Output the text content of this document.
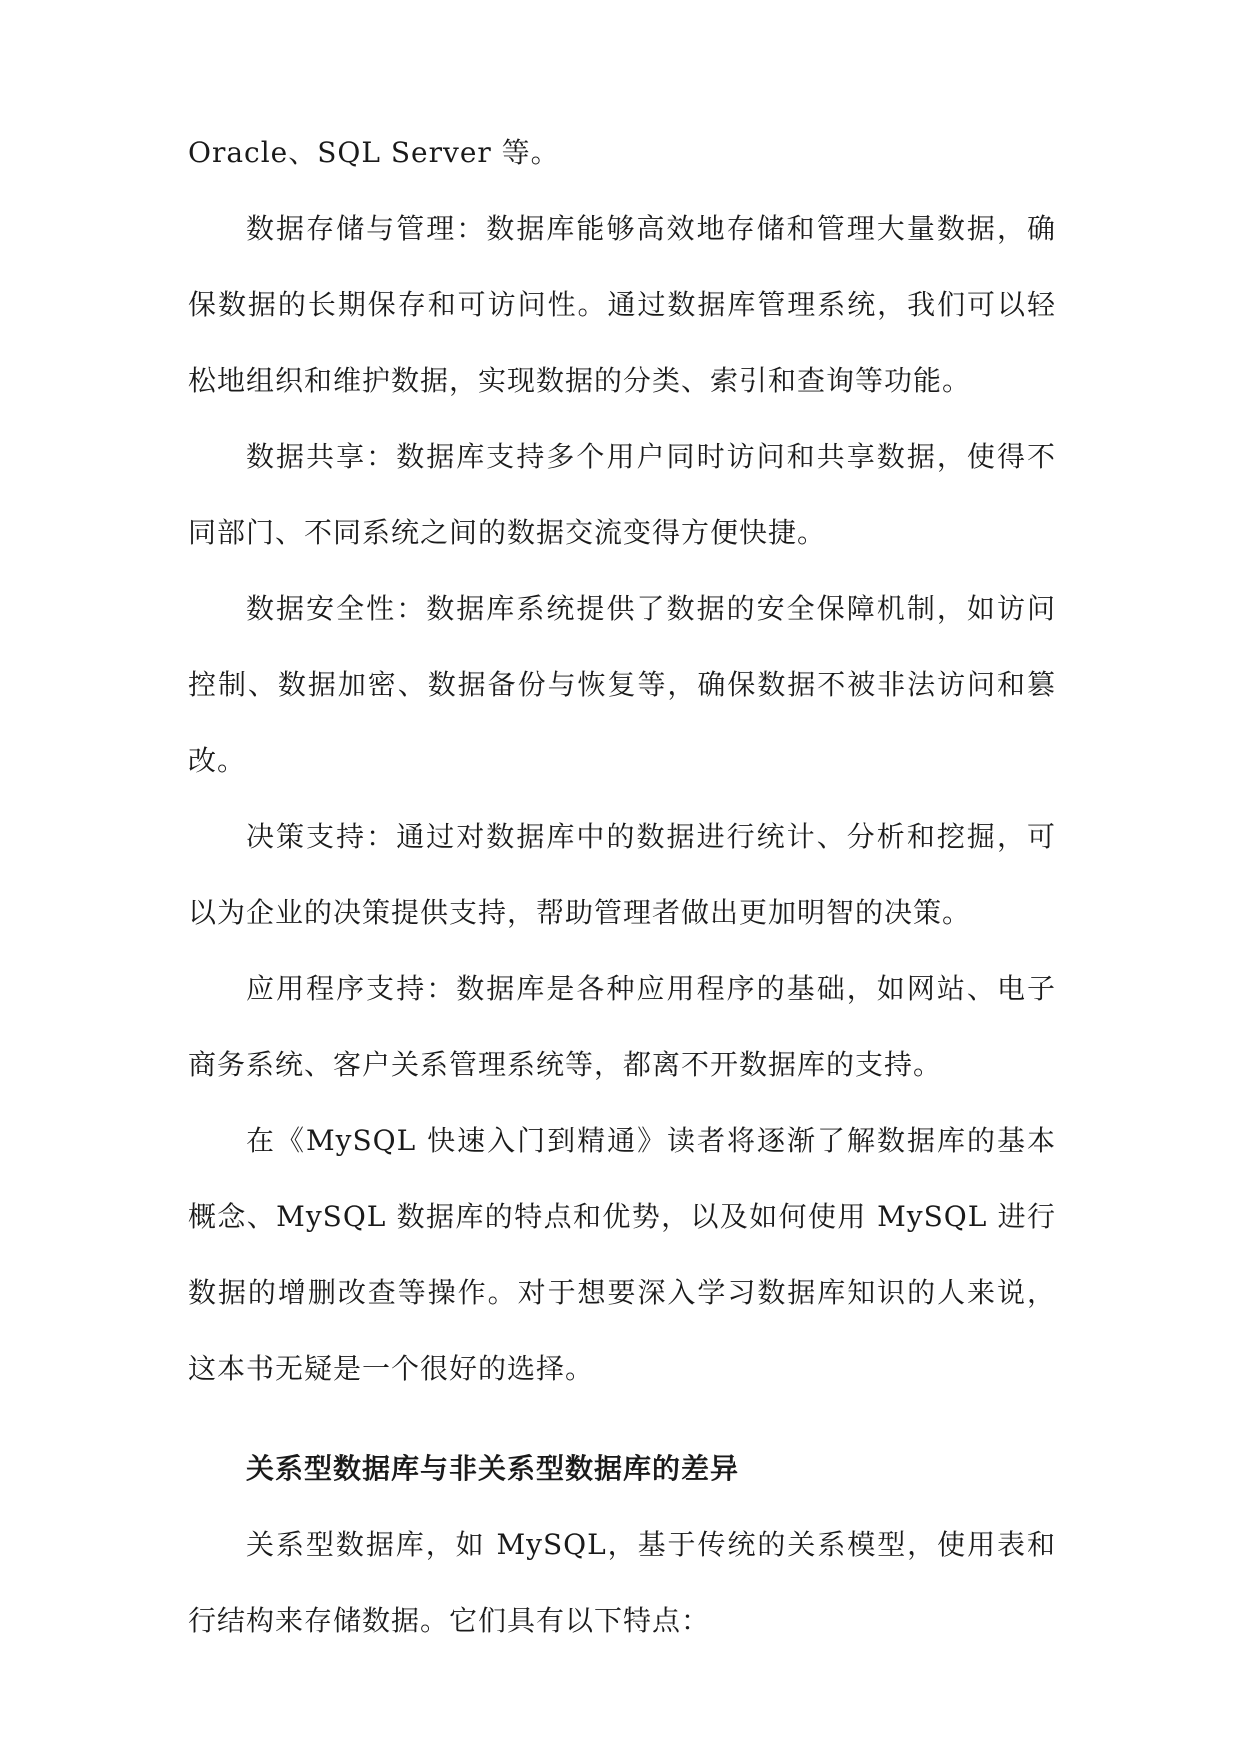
Oracle、SQL Server 等。

数据存储与管理：数据库能够高效地存储和管理大量数据，确保数据的长期保存和可访问性。通过数据库管理系统，我们可以轻松地组织和维护数据，实现数据的分类、索引和查询等功能。

数据共享：数据库支持多个用户同时访问和共享数据，使得不同部门、不同系统之间的数据交流变得方便快捷。

数据安全性：数据库系统提供了数据的安全保障机制，如访问控制、数据加密、数据备份与恢复等，确保数据不被非法访问和篡改。

决策支持：通过对数据库中的数据进行统计、分析和挖掘，可以为企业的决策提供支持，帮助管理者做出更加明智的决策。

应用程序支持：数据库是各种应用程序的基础，如网站、电子商务系统、客户关系管理系统等，都离不开数据库的支持。

在《MySQL 快速入门到精通》读者将逐渐了解数据库的基本概念、MySQL 数据库的特点和优势，以及如何使用 MySQL 进行数据的增删改查等操作。对于想要深入学习数据库知识的人来说，这本书无疑是一个很好的选择。

关系型数据库与非关系型数据库的差异

关系型数据库，如 MySQL，基于传统的关系模型，使用表和行结构来存储数据。它们具有以下特点：
